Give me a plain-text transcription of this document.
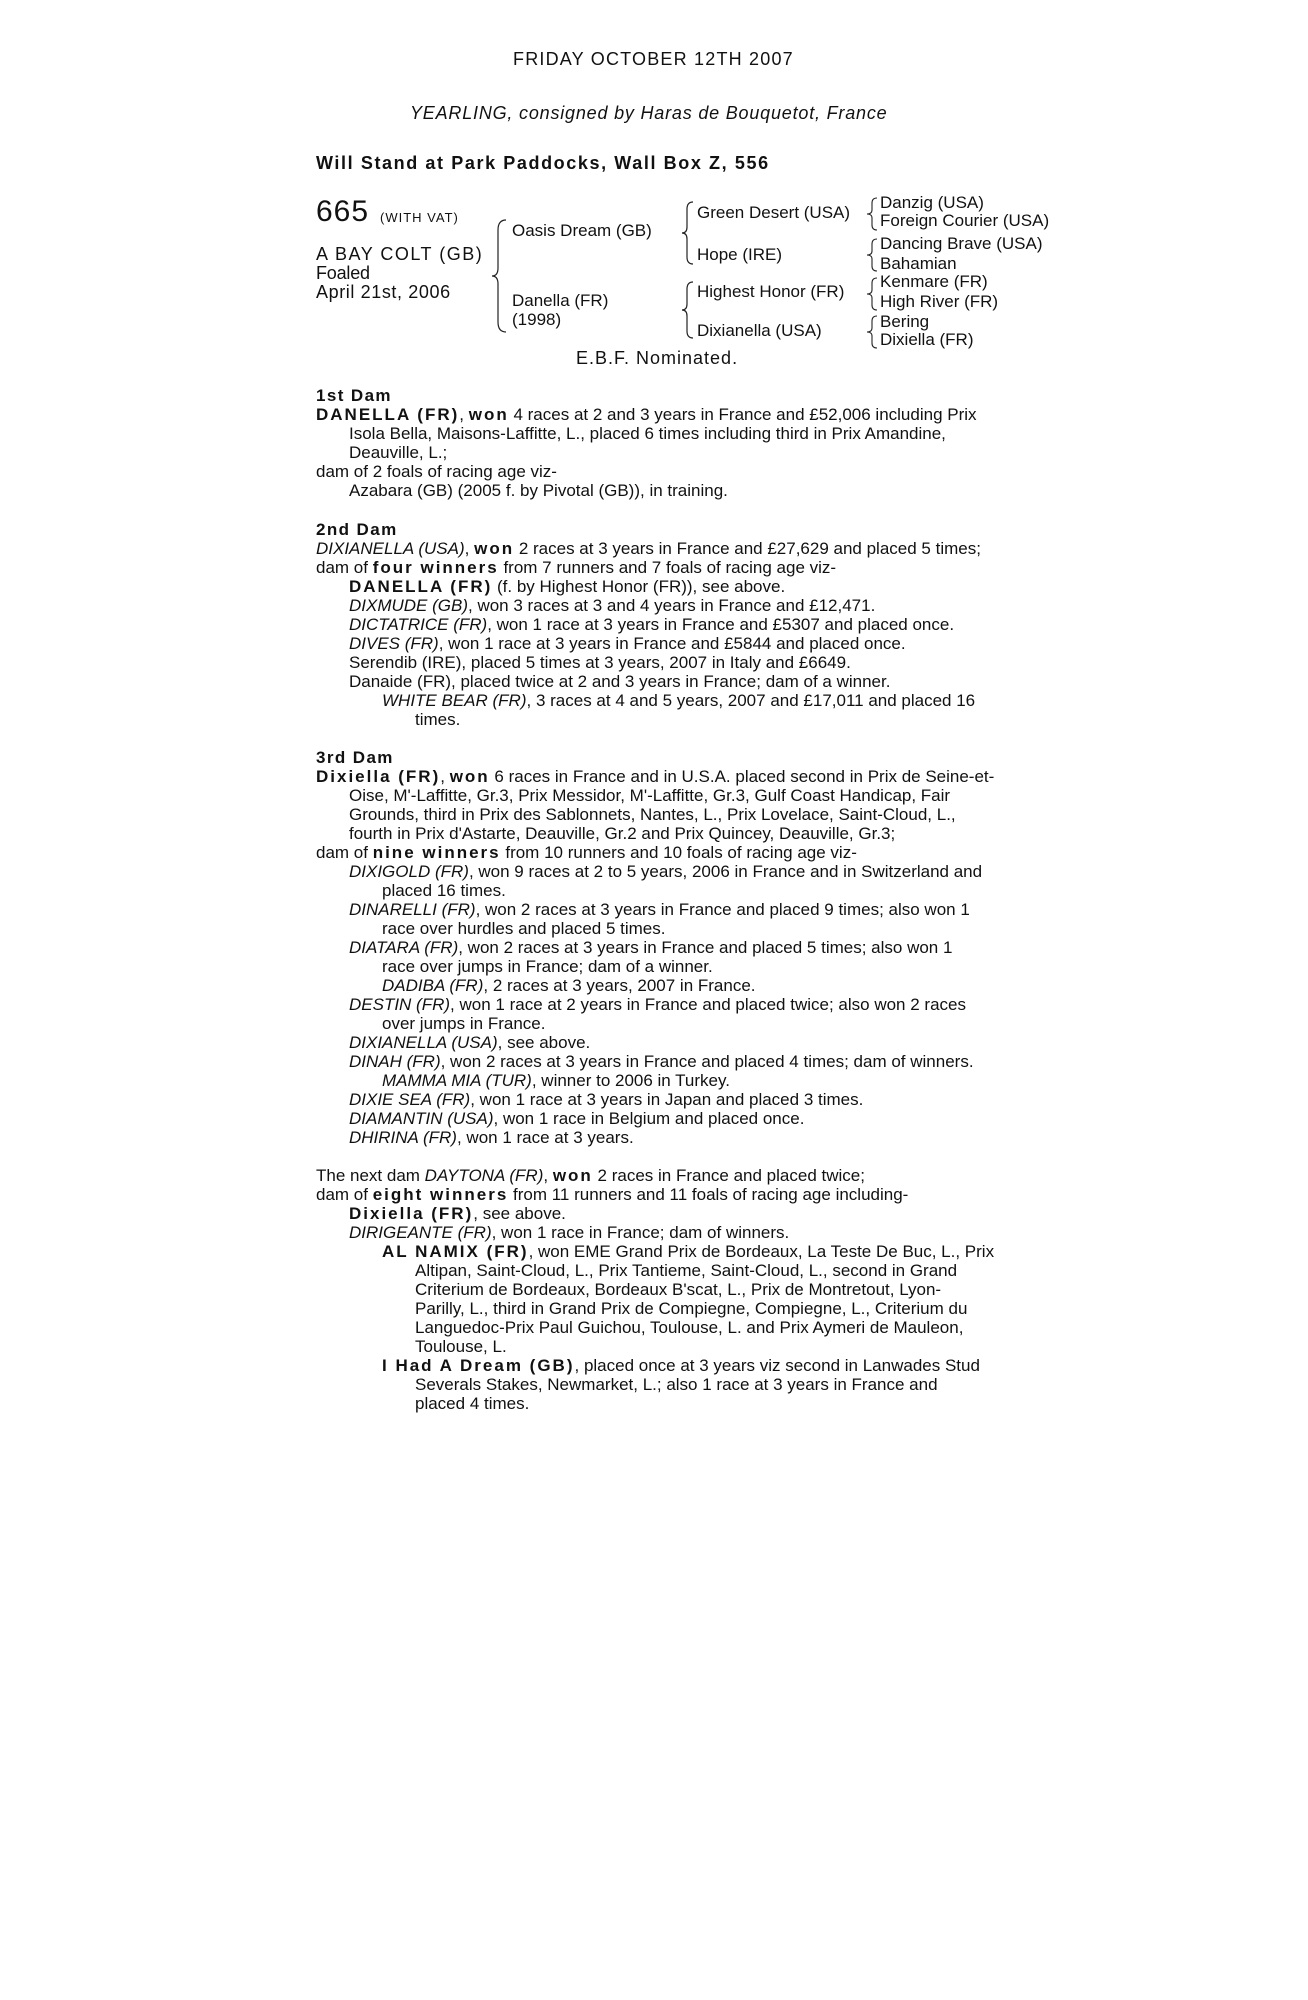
FRIDAY OCTOBER 12TH 2007
YEARLING, consigned by Haras de Bouquetot, France
Will Stand at Park Paddocks, Wall Box Z, 556
665 (WITH VAT)
A BAY COLT (GB)
Foaled
April 21st, 2006
Oasis Dream (GB)
Danella (FR)
(1998)
Green Desert (USA)
Hope (IRE)
Highest Honor (FR)
Dixianella (USA)
Danzig (USA)
Foreign Courier (USA)
Dancing Brave (USA)
Bahamian
Kenmare (FR)
High River (FR)
Bering
Dixiella (FR)
E.B.F. Nominated.
1st Dam
DANELLA (FR), won 4 races at 2 and 3 years in France and £52,006 including Prix
Isola Bella, Maisons-Laffitte, L., placed 6 times including third in Prix Amandine,
Deauville, L.;
dam of 2 foals of racing age viz-
Azabara (GB) (2005 f. by Pivotal (GB)), in training.
2nd Dam
DIXIANELLA (USA), won 2 races at 3 years in France and £27,629 and placed 5 times;
dam of four winners from 7 runners and 7 foals of racing age viz-
DANELLA (FR) (f. by Highest Honor (FR)), see above.
DIXMUDE (GB), won 3 races at 3 and 4 years in France and £12,471.
DICTATRICE (FR), won 1 race at 3 years in France and £5307 and placed once.
DIVES (FR), won 1 race at 3 years in France and £5844 and placed once.
Serendib (IRE), placed 5 times at 3 years, 2007 in Italy and £6649.
Danaide (FR), placed twice at 2 and 3 years in France; dam of a winner.
WHITE BEAR (FR), 3 races at 4 and 5 years, 2007 and £17,011 and placed 16
times.
3rd Dam
Dixiella (FR), won 6 races in France and in U.S.A. placed second in Prix de Seine-et-
Oise, M'-Laffitte, Gr.3, Prix Messidor, M'-Laffitte, Gr.3, Gulf Coast Handicap, Fair
Grounds, third in Prix des Sablonnets, Nantes, L., Prix Lovelace, Saint-Cloud, L.,
fourth in Prix d'Astarte, Deauville, Gr.2 and Prix Quincey, Deauville, Gr.3;
dam of nine winners from 10 runners and 10 foals of racing age viz-
DIXIGOLD (FR), won 9 races at 2 to 5 years, 2006 in France and in Switzerland and
placed 16 times.
DINARELLI (FR), won 2 races at 3 years in France and placed 9 times; also won 1
race over hurdles and placed 5 times.
DIATARA (FR), won 2 races at 3 years in France and placed 5 times; also won 1
race over jumps in France; dam of a winner.
DADIBA (FR), 2 races at 3 years, 2007 in France.
DESTIN (FR), won 1 race at 2 years in France and placed twice; also won 2 races
over jumps in France.
DIXIANELLA (USA), see above.
DINAH (FR), won 2 races at 3 years in France and placed 4 times; dam of winners.
MAMMA MIA (TUR), winner to 2006 in Turkey.
DIXIE SEA (FR), won 1 race at 3 years in Japan and placed 3 times.
DIAMANTIN (USA), won 1 race in Belgium and placed once.
DHIRINA (FR), won 1 race at 3 years.
The next dam DAYTONA (FR), won 2 races in France and placed twice;
dam of eight winners from 11 runners and 11 foals of racing age including-
Dixiella (FR), see above.
DIRIGEANTE (FR), won 1 race in France; dam of winners.
AL NAMIX (FR), won EME Grand Prix de Bordeaux, La Teste De Buc, L., Prix
Altipan, Saint-Cloud, L., Prix Tantieme, Saint-Cloud, L., second in Grand
Criterium de Bordeaux, Bordeaux B'scat, L., Prix de Montretout, Lyon-
Parilly, L., third in Grand Prix de Compiegne, Compiegne, L., Criterium du
Languedoc-Prix Paul Guichou, Toulouse, L. and Prix Aymeri de Mauleon,
Toulouse, L.
I Had A Dream (GB), placed once at 3 years viz second in Lanwades Stud
Severals Stakes, Newmarket, L.; also 1 race at 3 years in France and
placed 4 times.
